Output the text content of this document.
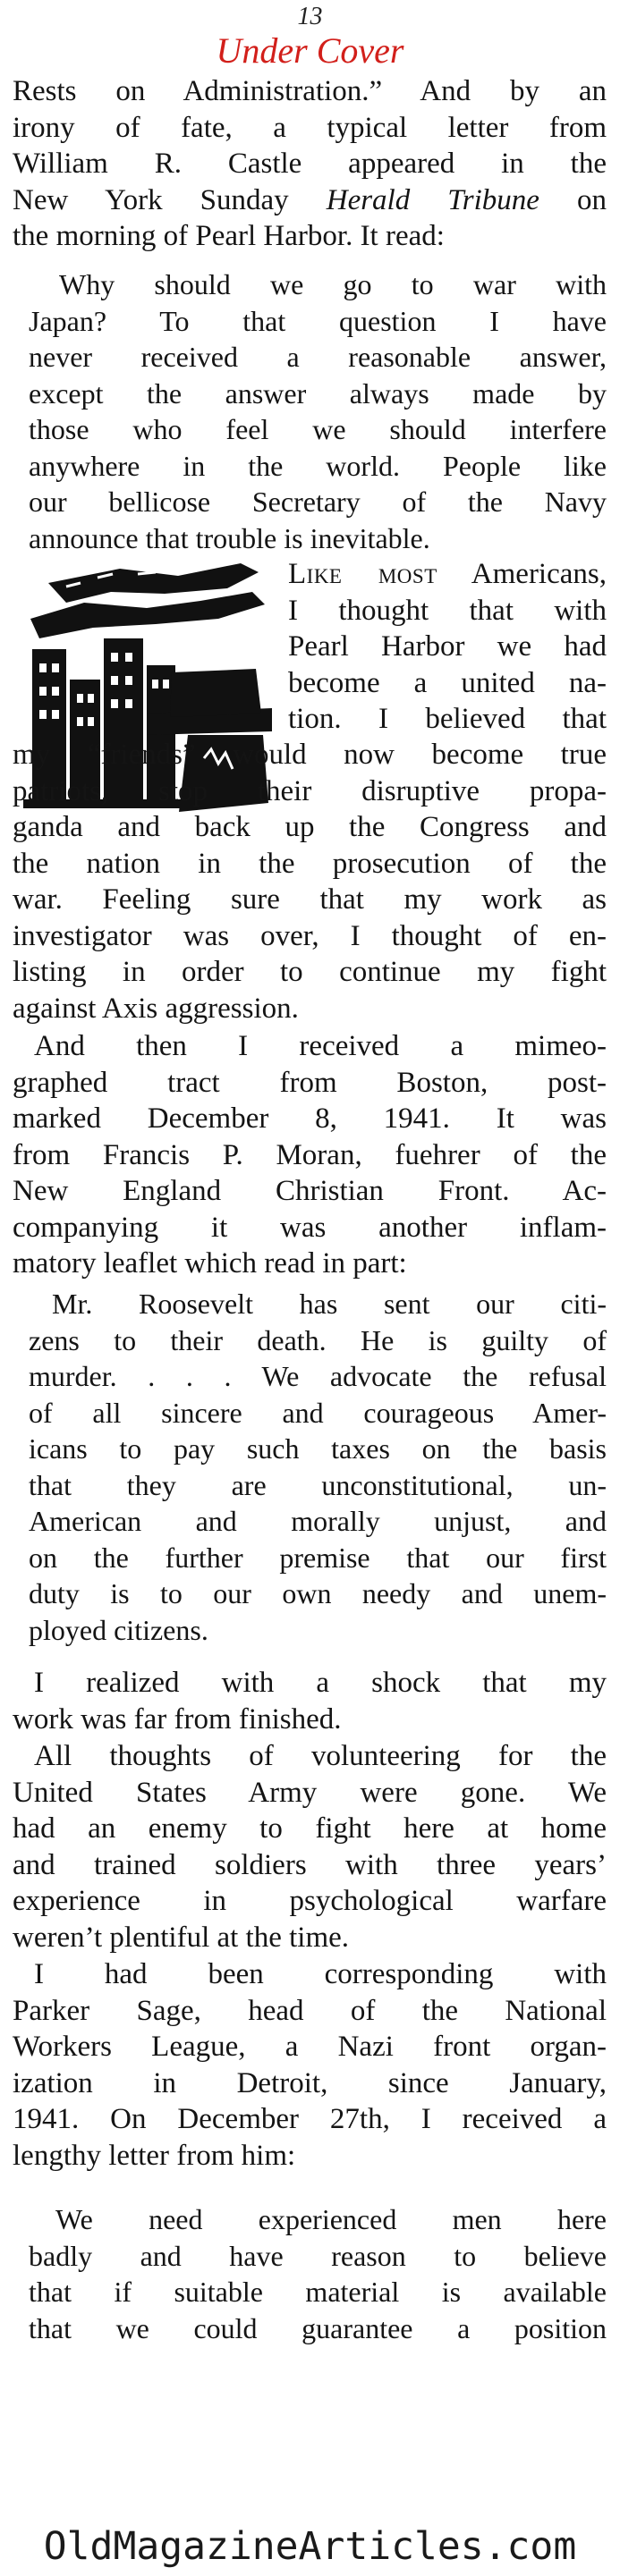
13
Under Cover
Rests on Administration.” And by an
irony of fate, a typical letter from
William R. Castle appeared in the
New York Sunday Herald Tribune on
the morning of Pearl Harbor. It read:
Why should we go to war with
Japan? To that question I have
never received a reasonable answer,
except the answer always made by
those who feel we should interfere
anywhere in the world. People like
our bellicose Secretary of the Navy
announce that trouble is inevitable.
Like most Americans,
I thought that with
Pearl Harbor we had
become a united na-
tion. I believed that
my “friends” would now become true
patriots, stop their disruptive propa-
ganda and back up the Congress and
the nation in the prosecution of the
war. Feeling sure that my work as
investigator was over, I thought of en-
listing in order to continue my fight
against Axis aggression.
And then I received a mimeo-
graphed tract from Boston, post-
marked December 8, 1941. It was
from Francis P. Moran, fuehrer of the
New England Christian Front. Ac-
companying it was another inflam-
matory leaflet which read in part:
Mr. Roosevelt has sent our citi-
zens to their death. He is guilty of
murder. . . . We advocate the refusal
of all sincere and courageous Amer-
icans to pay such taxes on the basis
that they are unconstitutional, un-
American and morally unjust, and
on the further premise that our first
duty is to our own needy and unem-
ployed citizens.
I realized with a shock that my
work was far from finished.
All thoughts of volunteering for the
United States Army were gone. We
had an enemy to fight here at home
and trained soldiers with three years’
experience in psychological warfare
weren’t plentiful at the time.
I had been corresponding with
Parker Sage, head of the National
Workers League, a Nazi front organ-
ization in Detroit, since January,
1941. On December 27th, I received a
lengthy letter from him:
We need experienced men here
badly and have reason to believe
that if suitable material is available
that we could guarantee a position
OldMagazineArticles.com
